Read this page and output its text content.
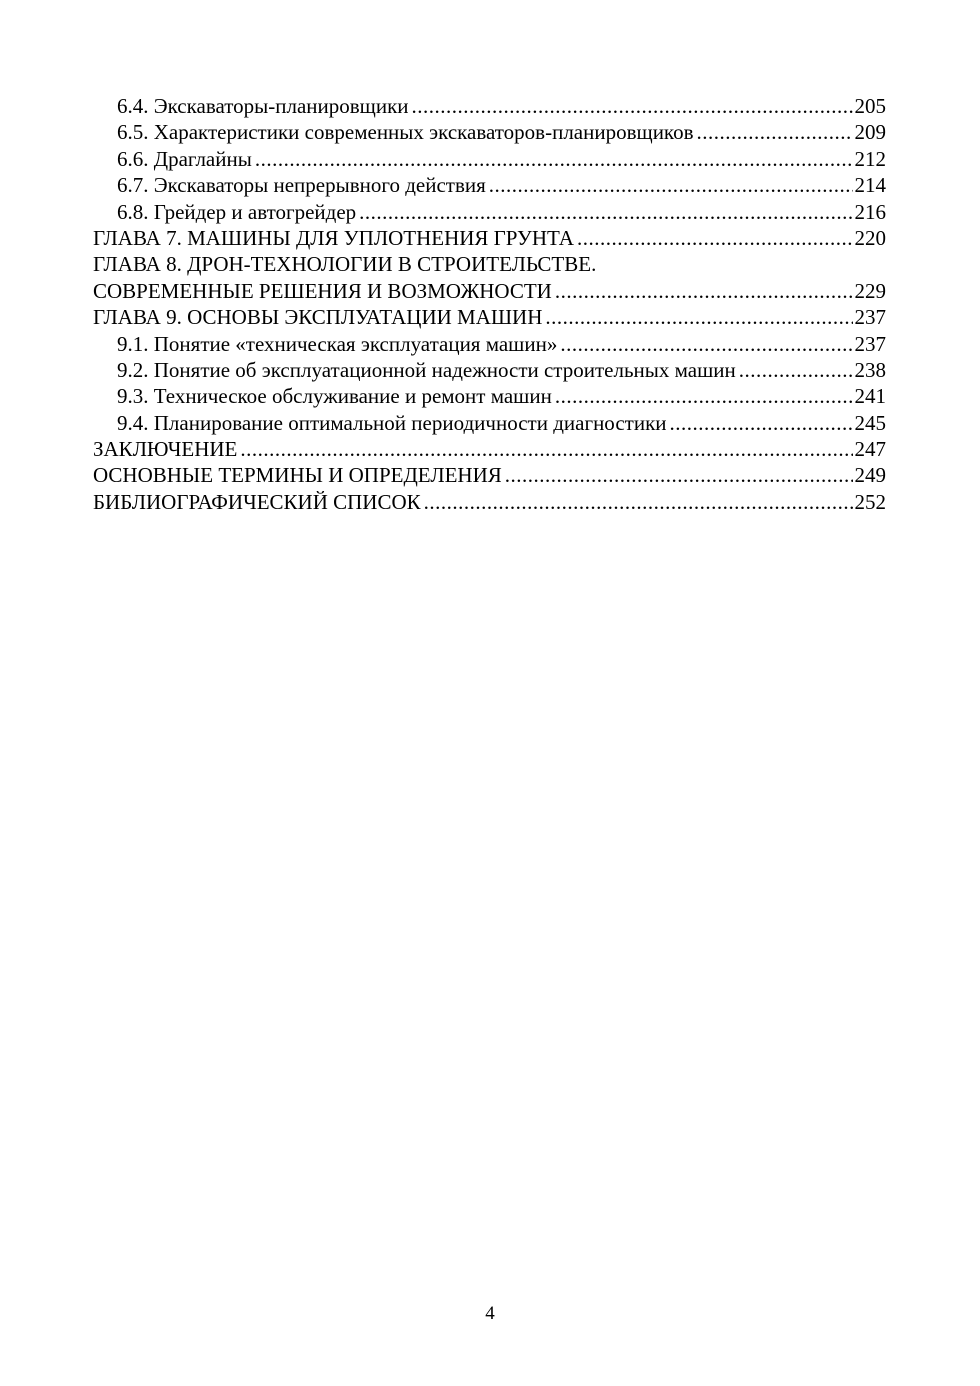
6.4. Экскаваторы-планировщики .....	205
6.5. Характеристики современных экскаваторов-планировщиков .....	209
6.6. Драглайны .....	212
6.7. Экскаваторы непрерывного действия .....	214
6.8. Грейдер и автогрейдер .....	216
ГЛАВА 7. МАШИНЫ ДЛЯ УПЛОТНЕНИЯ ГРУНТА .....	220
ГЛАВА 8. ДРОН-ТЕХНОЛОГИИ В СТРОИТЕЛЬСТВЕ.
СОВРЕМЕННЫЕ РЕШЕНИЯ И ВОЗМОЖНОСТИ .....	229
ГЛАВА 9. ОСНОВЫ ЭКСПЛУАТАЦИИ МАШИН .....	237
9.1. Понятие «техническая эксплуатация машин» .....	237
9.2. Понятие об эксплуатационной надежности строительных машин .....	238
9.3. Техническое обслуживание и ремонт машин .....	241
9.4. Планирование оптимальной периодичности диагностики .....	245
ЗАКЛЮЧЕНИЕ .....	247
ОСНОВНЫЕ ТЕРМИНЫ И ОПРЕДЕЛЕНИЯ .....	249
БИБЛИОГРАФИЧЕСКИЙ СПИСОК .....	252
4
